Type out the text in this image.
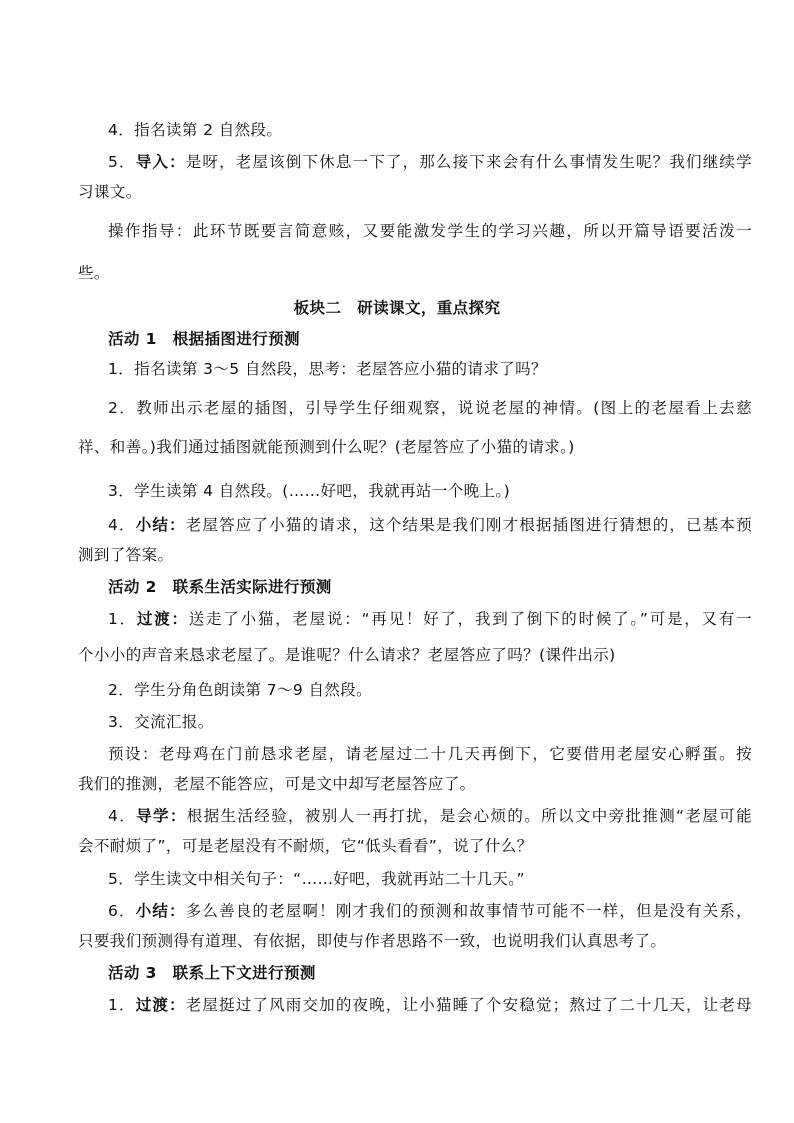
4．指名读第 2 自然段。
5．导入：是呀，老屋该倒下休息一下了，那么接下来会有什么事情发生呢？我们继续学
习课文。
操作指导：此环节既要言简意赅，又要能激发学生的学习兴趣，所以开篇导语要活泼一
些。
板块二　研读课文，重点探究
活动 1　根据插图进行预测
1．指名读第 3～5 自然段，思考：老屋答应小猫的请求了吗？
2．教师出示老屋的插图，引导学生仔细观察，说说老屋的神情。(图上的老屋看上去慈
祥、和善。)我们通过插图就能预测到什么呢？(老屋答应了小猫的请求。)
3．学生读第 4 自然段。(……好吧，我就再站一个晚上。)
4．小结：老屋答应了小猫的请求，这个结果是我们刚才根据插图进行猜想的，已基本预
测到了答案。
活动 2　联系生活实际进行预测
1．过渡：送走了小猫，老屋说：“再见！好了，我到了倒下的时候了。”可是，又有一
个小小的声音来恳求老屋了。是谁呢？什么请求？老屋答应了吗？(课件出示)
2．学生分角色朗读第 7～9 自然段。
3．交流汇报。
预设：老母鸡在门前恳求老屋，请老屋过二十几天再倒下，它要借用老屋安心孵蛋。按
我们的推测，老屋不能答应，可是文中却写老屋答应了。
4．导学：根据生活经验，被别人一再打扰，是会心烦的。所以文中旁批推测“老屋可能
会不耐烦了”，可是老屋没有不耐烦，它“低头看看”，说了什么？
5．学生读文中相关句子：“……好吧，我就再站二十几天。”
6．小结：多么善良的老屋啊！刚才我们的预测和故事情节可能不一样，但是没有关系，
只要我们预测得有道理、有依据，即使与作者思路不一致，也说明我们认真思考了。
活动 3　联系上下文进行预测
1．过渡：老屋挺过了风雨交加的夜晚，让小猫睡了个安稳觉；熬过了二十几天，让老母
